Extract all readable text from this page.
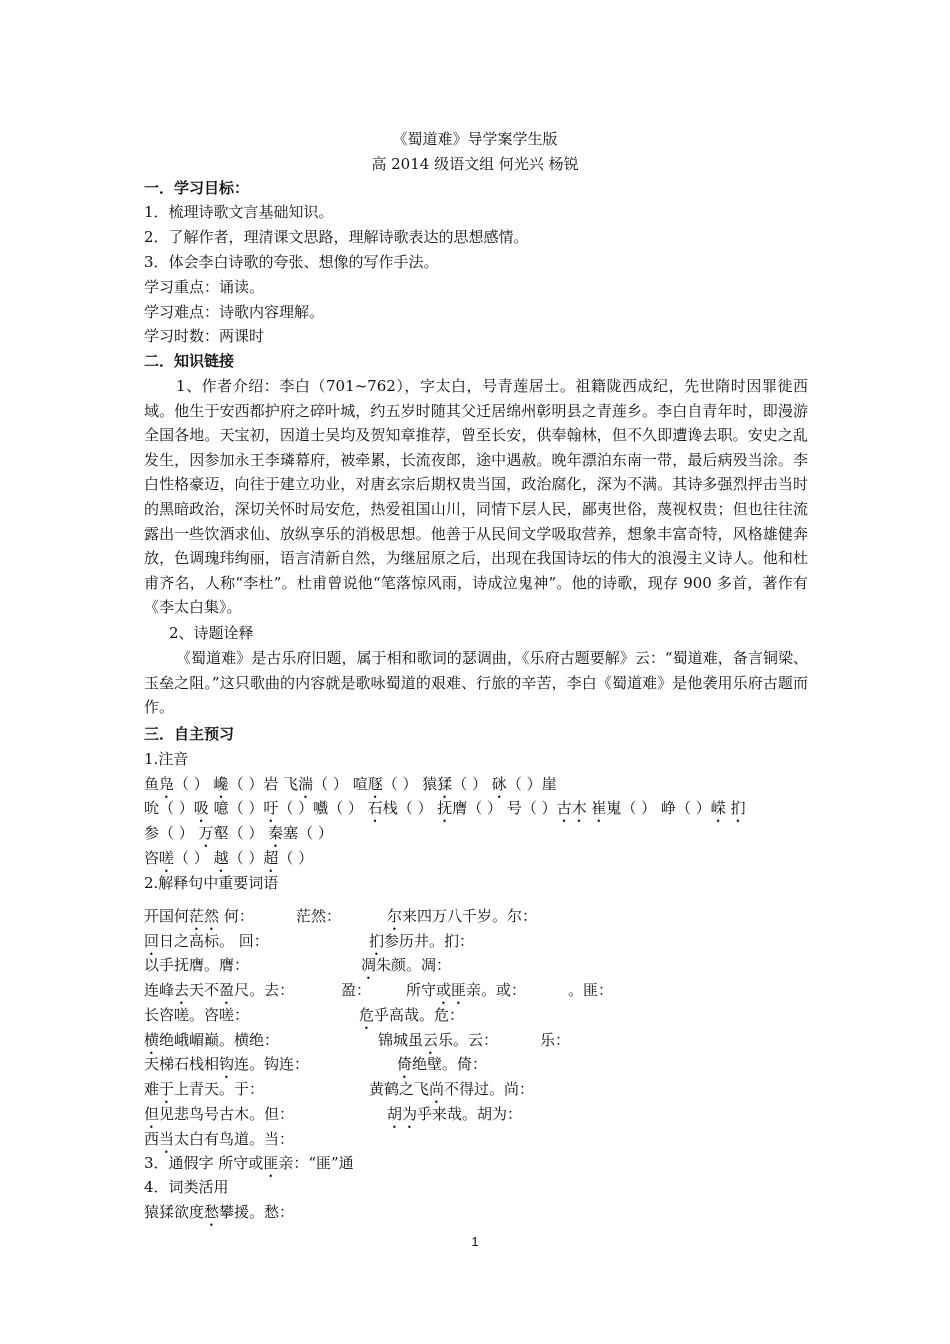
《蜀道难》导学案学生版
高 2014 级语文组 何光兴 杨锐
一．学习目标：
1．梳理诗歌文言基础知识。
2．了解作者，理清课文思路，理解诗歌表达的思想感情。
3．体会李白诗歌的夸张、想像的写作手法。
学习重点：诵读。
学习难点：诗歌内容理解。
学习时数：两课时
二．知识链接
1、作者介绍：李白（701~762），字太白，号青莲居士。祖籍陇西成纪，先世隋时因罪徙西域。他生于安西都护府之碎叶城，约五岁时随其父迁居绵州彰明县之青莲乡。李白自青年时，即漫游全国各地。天宝初，因道士吴均及贺知章推荐，曾至长安，供奉翰林，但不久即遭谗去职。安史之乱发生，因参加永王李璘幕府，被牵累，长流夜郎，途中遇赦。晚年漂泊东南一带，最后病殁当涂。李白性格豪迈，向往于建立功业，对唐玄宗后期权贵当国，政治腐化，深为不满。其诗多强烈抨击当时的黑暗政治，深切关怀时局安危，热爱祖国山川，同情下层人民，鄙夷世俗，蔑视权贵；但也往往流露出一些饮酒求仙、放纵享乐的消极思想。他善于从民间文学吸取营养，想象丰富奇特，风格雄健奔放，色调瑰玮绚丽，语言清新自然，为继屈原之后，出现在我国诗坛的伟大的浪漫主义诗人。他和杜甫齐名，人称“李杜”。杜甫曾说他“笔落惊风雨，诗成泣鬼神”。他的诗歌，现存 900 多首，著作有《李太白集》。
2、诗题诠释
《蜀道难》是古乐府旧题，属于相和歌词的瑟调曲，《乐府古题要解》云：“蜀道难，备言铜梁、玉垒之阻。”这只歌曲的内容就是歌咏蜀道的艰难、行旅的辛苦，李白《蜀道难》是他袭用乐府古题而作。
三．自主预习
1.注音
鱼凫（ ） 巉（ ）岩 飞湍（ ） 喧豗（ ） 猿猱（ ） 砯（ ）崖
吮（ ）吸 噫（ ）吁（ ）嚱（ ） 石栈（ ） 抚膺（ ） 号（ ）古木 崔嵬（ ） 峥（ ）嵘 扪
参（ ） 万壑（ ） 秦塞（ ）
咨嗟（ ） 越（ ）超（ ）
2.解释句中重要词语
开国何茫然 何：	茫然：	尔来四万八千岁。尔：
回日之高标。 回：	扪参历井。扪：
以手抚膺。膺：	凋朱颜。凋：
连峰去天不盈尺。去：	盈： 所守或匪亲。或：	。匪：
长咨嗟。咨嗟：	危乎高哉。危：
横绝峨嵋巅。横绝：	锦城虽云乐。云：	乐：
天梯石栈相钩连。钩连：	倚绝壁。倚：
难于上青天。于：	黄鹤之飞尚不得过。尚：
但见悲鸟号古木。但：	胡为乎来哉。胡为：
西当太白有鸟道。当：
3．通假字 所守或匪亲：“匪”通
4．词类活用
猿猱欲度愁攀援。愁：
1
